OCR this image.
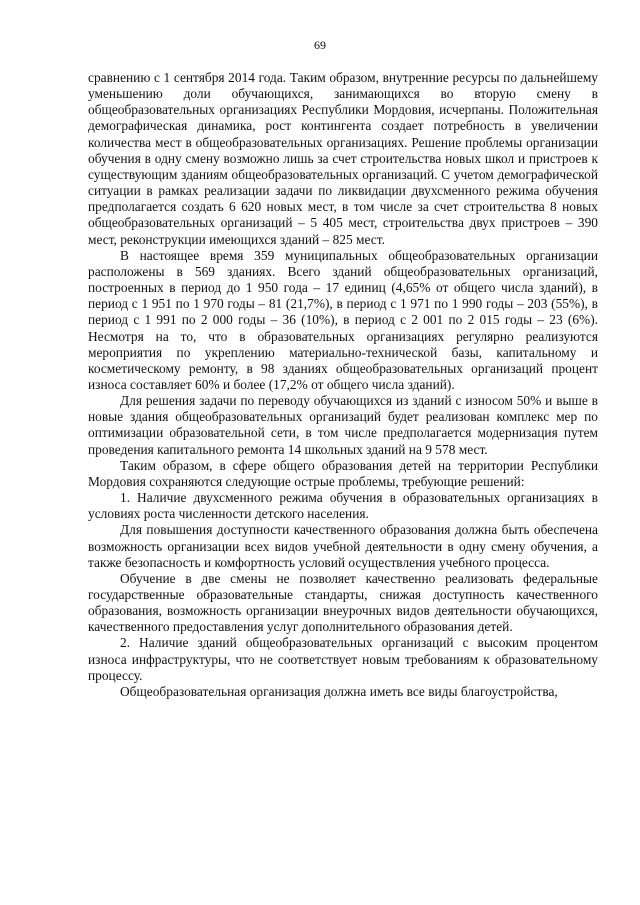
69

сравнению с 1 сентября 2014 года. Таким образом, внутренние ресурсы по дальнейшему уменьшению доли обучающихся, занимающихся во вторую смену в общеобразовательных организациях Республики Мордовия, исчерпаны. Положительная демографическая динамика, рост контингента создает потребность в увеличении количества мест в общеобразовательных организациях. Решение проблемы организации обучения в одну смену возможно лишь за счет строительства новых школ и пристроев к существующим зданиям общеобразовательных организаций. С учетом демографической ситуации в рамках реализации задачи по ликвидации двухсменного режима обучения предполагается создать 6 620 новых мест, в том числе за счет строительства 8 новых общеобразовательных организаций – 5 405 мест, строительства двух пристроев – 390 мест, реконструкции имеющихся зданий – 825 мест.

В настоящее время 359 муниципальных общеобразовательных организации расположены в 569 зданиях. Всего зданий общеобразовательных организаций, построенных в период до 1 950 года – 17 единиц (4,65% от общего числа зданий), в период с 1 951 по 1 970 годы – 81 (21,7%), в период с 1 971 по 1 990 годы – 203 (55%), в период с 1 991 по 2 000 годы – 36 (10%), в период с 2 001 по 2 015 годы – 23 (6%). Несмотря на то, что в образовательных организациях регулярно реализуются мероприятия по укреплению материально-технической базы, капитальному и косметическому ремонту, в 98 зданиях общеобразовательных организаций процент износа составляет 60% и более (17,2% от общего числа зданий).

Для решения задачи по переводу обучающихся из зданий с износом 50% и выше в новые здания общеобразовательных организаций будет реализован комплекс мер по оптимизации образовательной сети, в том числе предполагается модернизация путем проведения капитального ремонта 14 школьных зданий на 9 578 мест.

Таким образом, в сфере общего образования детей на территории Республики Мордовия сохраняются следующие острые проблемы, требующие решений:

1. Наличие двухсменного режима обучения в образовательных организациях в условиях роста численности детского населения.

Для повышения доступности качественного образования должна быть обеспечена возможность организации всех видов учебной деятельности в одну смену обучения, а также безопасность и комфортность условий осуществления учебного процесса.

Обучение в две смены не позволяет качественно реализовать федеральные государственные образовательные стандарты, снижая доступность качественного образования, возможность организации внеурочных видов деятельности обучающихся, качественного предоставления услуг дополнительного образования детей.

2. Наличие зданий общеобразовательных организаций с высоким процентом износа инфраструктуры, что не соответствует новым требованиям к образовательному процессу.

Общеобразовательная организация должна иметь все виды благоустройства,
